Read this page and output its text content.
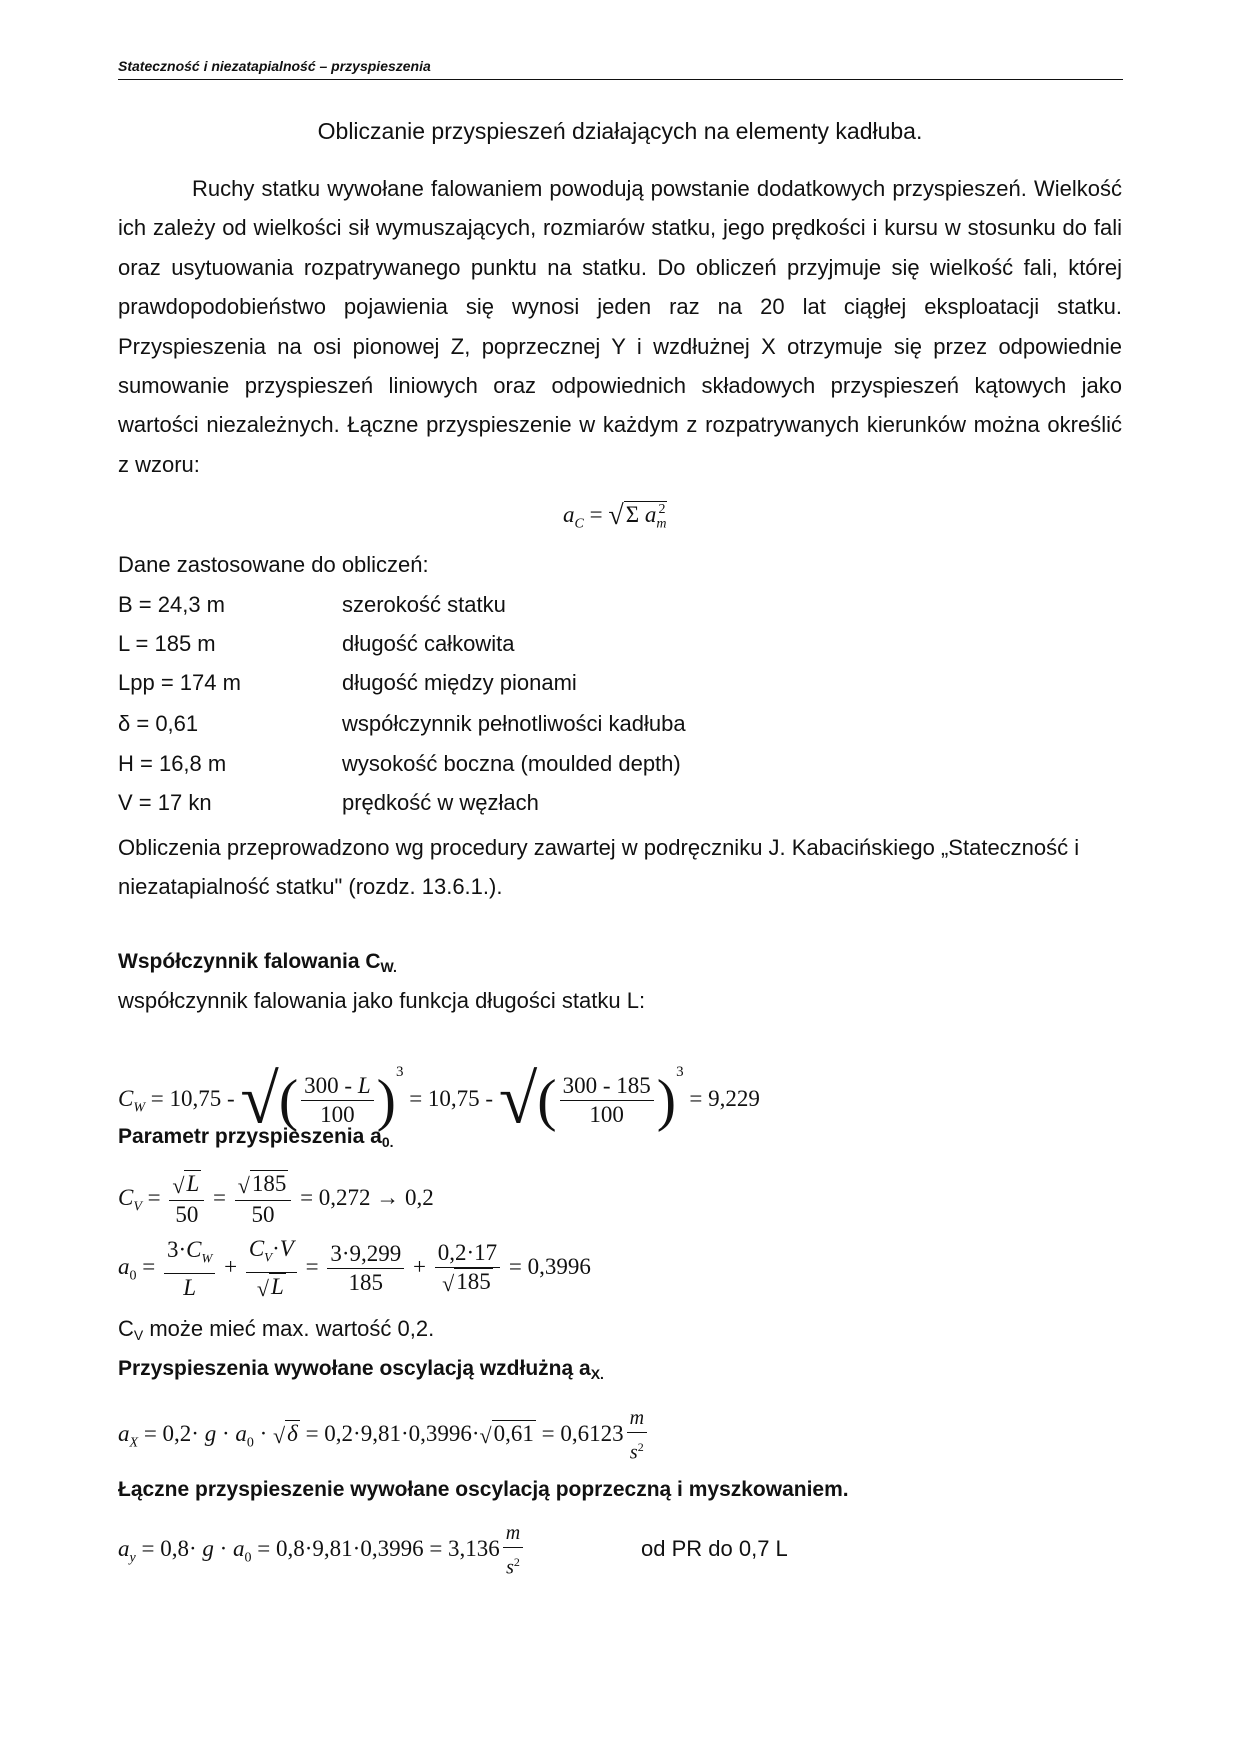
Stateczność i niezatapialność – przyspieszenia
Obliczanie przyspieszeń działających na elementy kadłuba.

Ruchy statku wywołane falowaniem powodują powstanie dodatkowych przyspieszeń. Wielkość ich zależy od wielkości sił wymuszających, rozmiarów statku, jego prędkości i kursu w stosunku do fali oraz usytuowania rozpatrywanego punktu na statku. Do obliczeń przyjmuje się wielkość fali, której prawdopodobieństwo pojawienia się wynosi jeden raz na 20 lat ciągłej eksploatacji statku. Przyspieszenia na osi pionowej Z, poprzecznej Y i wzdłużnej X otrzymuje się przez odpowiednie sumowanie przyspieszeń liniowych oraz odpowiednich składowych przyspieszeń kątowych jako wartości niezależnych. Łączne przyspieszenie w każdym z rozpatrywanych kierunków można określić z wzoru:

$a_C = √\Sigma$ $a_m^2$
Dane zastosowane do obliczeń:
B = 24,3 m	szerokość statku
L = 185 m	długość całkowita
Lpp = 174 m	długość między pionami
δ = 0,61	współczynnik pełnotliwości kadłuba
H = 16,8 m	wysokość boczna (moulded depth)
V = 17 kn	prędkość w węzłach

Obliczenia przeprowadzono wg procedury zawartej w podręczniku J. Kabacińskiego „Stateczność i niezatapialność statku" (rozdz. 13.6.1.).

Współczynnik falowania $C_{W.}$
współczynnik falowania jako funkcja długości statku L:
$C_W = 10,75$ - √( $\frac{300 - L}{100} )^3 = 10,75$ - √( $\frac{300 - 185}{100} )^3 = 9,229$
Parametr przyspieszenia $a_{0.}$
$C_V = \frac{√L}{50} = \frac{√185}{50} = 0,272 \to 0,2$
$a_0 = \frac{3\cdot C_W}{L} + \frac{C_V\cdot V}{√L} = \frac{3\cdot 9,299}{185} + \frac{0,2\cdot 17}{√185} = 0,3996$
CV może mieć max. wartość 0,2.
Przyspieszenia wywołane oscylacją wzdłużną $a_{X.}$
$a_X = 0,2\cdot g \cdot a_0 \cdot √\delta = 0,2\cdot 9,81\cdot 0,3996\cdot√0,61 = 0,6123 \frac{m}{s^2}$
Łączne przyspieszenie wywołane oscylacją poprzeczną i myszkowaniem.
$a_y = 0,8\cdot g \cdot a_0 = 0,8\cdot 9,81\cdot 0,3996 = 3,136 \frac{m}{s^2}$	od PR do 0,7 L
